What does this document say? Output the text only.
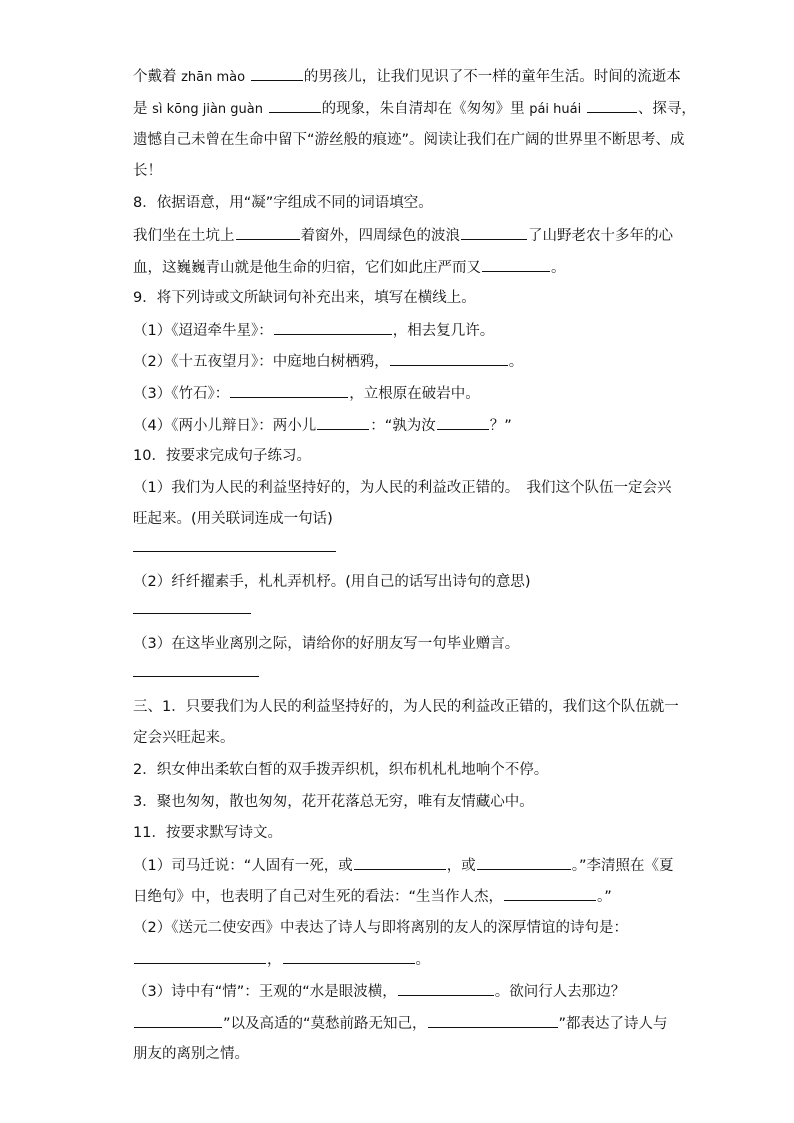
个戴着 zhān mào	的男孩儿，让我们见识了不一样的童年生活。时间的流逝本
是 sì kōng jiàn guàn	的现象，朱自清却在《匆匆》里 pái huái	、探寻，
遗憾自己未曾在生命中留下“游丝般的痕迹”。阅读让我们在广阔的世界里不断思考、成
长！
8．依据语意，用“凝”字组成不同的词语填空。
我们坐在土坑上	着窗外，四周绿色的波浪	了山野老农十多年的心
血，这巍巍青山就是他生命的归宿，它们如此庄严而又	。
9．将下列诗或文所缺词句补充出来，填写在横线上。
（1）《迢迢牵牛星》：	，相去复几许。
（2）《十五夜望月》：中庭地白树栖鸦，	。
（3）《竹石》：	，立根原在破岩中。
（4）《两小儿辩日》：两小儿	：“孰为汝	？”
10．按要求完成句子练习。
（1）我们为人民的利益坚持好的，为人民的利益改正错的。　我们这个队伍一定会兴
旺起来。(用关联词连成一句话)
（2）纤纤擢素手，札札弄机杼。(用自己的话写出诗句的意思)
（3）在这毕业离别之际，请给你的好朋友写一句毕业赠言。
三、1．只要我们为人民的利益坚持好的，为人民的利益改正错的，我们这个队伍就一
定会兴旺起来。
2．织女伸出柔软白皙的双手拨弄织机，织布机札札地响个不停。
3．聚也匆匆，散也匆匆，花开花落总无穷，唯有友情藏心中。
11．按要求默写诗文。
（1）司马迁说：“人固有一死，或	，或	。”李清照在《夏
日绝句》中，也表明了自己对生死的看法：“生当作人杰，	。”
（2）《送元二使安西》中表达了诗人与即将离别的友人的深厚情谊的诗句是：
，	。
（3）诗中有“情”：王观的“水是眼波横，	。欲问行人去那边？
”以及高适的“莫愁前路无知己，	”都表达了诗人与
朋友的离别之情。
